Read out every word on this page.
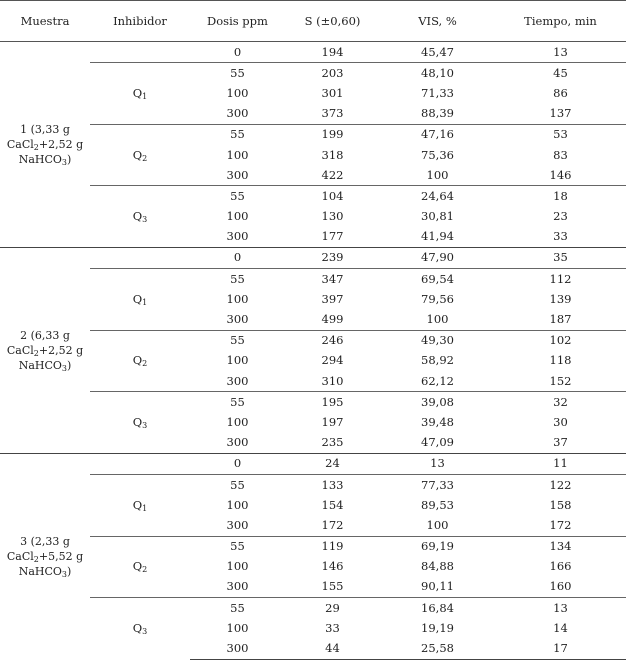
Muestra	Inhibidor	Dosis ppm	S (±0,60)	VIS, %	Tiempo, min

1 (3,33 g
CaCl$_2$+2,52 g
NaHCO$_3$)		0	194	45,47	13
	$Q_1$	55	203	48,10	45
		100	301	71,33	86
		300	373	88,39	137
	$Q_2$	55	199	47,16	53
		100	318	75,36	83
		300	422	100	146
	$Q_3$	55	104	24,64	18
		100	130	30,81	23
		300	177	41,94	33

2 (6,33 g
CaCl$_2$+2,52 g
NaHCO$_3$)		0	239	47,90	35
	$Q_1$	55	347	69,54	112
		100	397	79,56	139
		300	499	100	187
	$Q_2$	55	246	49,30	102
		100	294	58,92	118
		300	310	62,12	152
	$Q_3$	55	195	39,08	32
		100	197	39,48	30
		300	235	47,09	37

3 (2,33 g
CaCl$_2$+5,52 g
NaHCO$_3$)		0	24	13	11
	$Q_1$	55	133	77,33	122
		100	154	89,53	158
		300	172	100	172
	$Q_2$	55	119	69,19	134
		100	146	84,88	166
		300	155	90,11	160
	$Q_3$	55	29	16,84	13
		100	33	19,19	14
		300	44	25,58	17
